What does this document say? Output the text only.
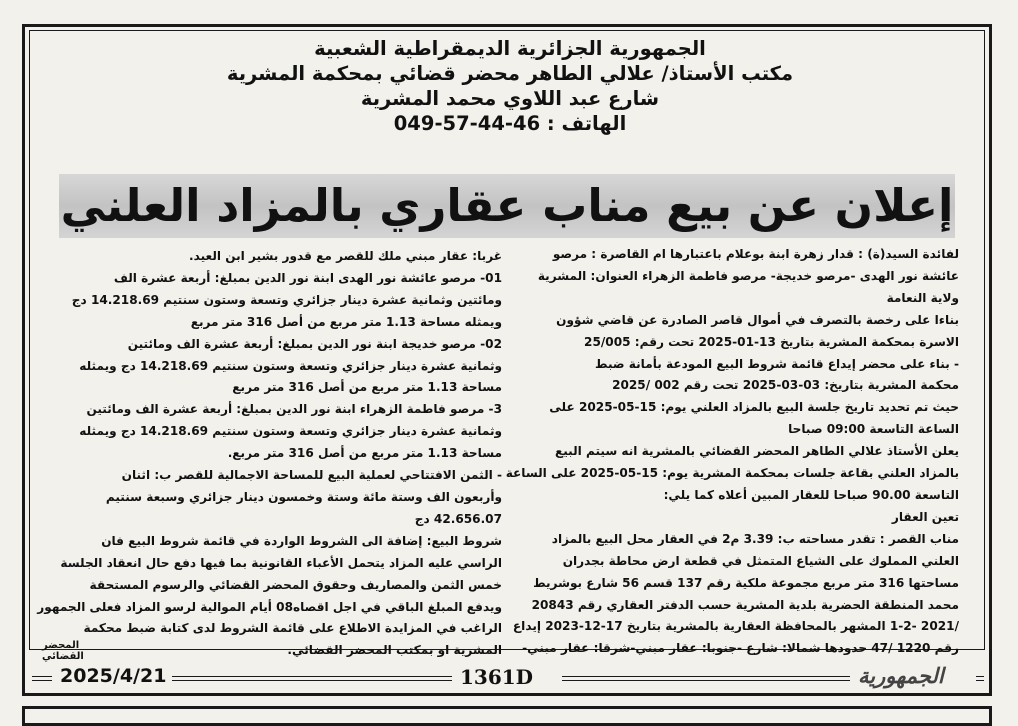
الجمهورية الجزائرية الديمقراطية الشعبية

مكتب الأستاذ/ علالي الطاهر محضر قضائي بمحكمة المشرية

شارع عبد اللاوي محمد المشرية

الهاتف : 46-44-57-049

إعلان عن بيع مناب عقاري بالمزاد العلني

لفائدة السيد(ة) : قدار زهرة ابنة بوعلام باعتبارها ام القاصرة : مرصو

عائشة نور الهدى -مرصو خديجة- مرصو فاطمة الزهراء العنوان: المشرية

ولاية النعامة

بناءا على رخصة بالتصرف في أموال قاصر الصادرة عن قاضي شؤون

الاسرة بمحكمة المشرية بتاريخ 13-01-2025 تحت رقم: 25/005

- بناء على محضر إيداع قائمة شروط البيع المودعة بأمانة ضبط

محكمة المشرية بتاريخ: 03-03-2025 تحت رقم 002 /2025

حيث تم تحديد تاريخ جلسة البيع بالمزاد العلني يوم: 15-05-2025 على

الساعة التاسعة 09:00 صباحا

يعلن الأستاذ علالي الطاهر المحضر القضائي بالمشرية انه سيتم البيع

بالمزاد العلني بقاعة جلسات بمحكمة المشرية يوم: 15-05-2025 على الساعة

التاسعة 90.00 صباحا للعقار المبين أعلاه كما يلي:

تعين العقار

مناب القصر : تقدر مساحته ب: 3.39 م2 في العقار محل البيع بالمزاد

العلني المملوك على الشياع المتمثل في قطعة ارض محاطة بجدران

مساحتها 316 متر مربع مجموعة ملكية رقم 137 قسم 56 شارع بوشريط

محمد المنطقة الحضرية بلدية المشرية حسب الدفتر العقاري رقم 20843

/2021 -1-2 المشهر بالمحافظة العقارية بالمشرية بتاريخ 17-12-2023 إيداع

رقم 1220 /47 حدودها شمالا: شارع -جنوبا: عقار مبني-شرقا: عقار مبني-

غربا: عقار مبني ملك للقصر مع قدور بشير ابن العيد.

01- مرصو عائشة نور الهدى ابنة نور الدين بمبلغ: أربعة عشرة الف

ومائتين وثمانية عشرة دينار جزائري وتسعة وستون سنتيم 14.218.69 دج

ويمثله مساحة 1.13 متر مربع من أصل 316 متر مربع

02- مرصو خديجة ابنة نور الدين بمبلغ: أربعة عشرة الف ومائتين

وثمانية عشرة دينار جزائري وتسعة وستون سنتيم 14.218.69 دج ويمثله

مساحة 1.13 متر مربع من أصل 316 متر مربع

3- مرصو فاطمة الزهراء ابنة نور الدين بمبلغ: أربعة عشرة الف ومائتين

وثمانية عشرة دينار جزائري وتسعة وستون سنتيم 14.218.69 دج ويمثله

مساحة 1.13 متر مربع من أصل 316 متر مربع.

- الثمن الافتتاحي لعملية البيع للمساحة الاجمالية للقصر ب: اثنان

وأربعون الف وستة مائة وستة وخمسون دينار جزائري وسبعة سنتيم

42.656.07 دج

شروط البيع: إضافة الى الشروط الواردة في قائمة شروط البيع فان

الراسي عليه المزاد يتحمل الأعباء القانونية بما فيها دفع حال انعقاد الجلسة

خمس الثمن والمصاريف وحقوق المحضر القضائي والرسوم المستحقة

ويدفع المبلغ الباقي في اجل اقصاه08 أيام الموالية لرسو المزاد فعلى الجمهور

الراغب في المزايدة الاطلاع على قائمة الشروط لدى كتابة ضبط محكمة

المشرية او بمكتب المحضر القضائي.

المحضر القضائي
2025/4/21	1361D	الجمهورية
